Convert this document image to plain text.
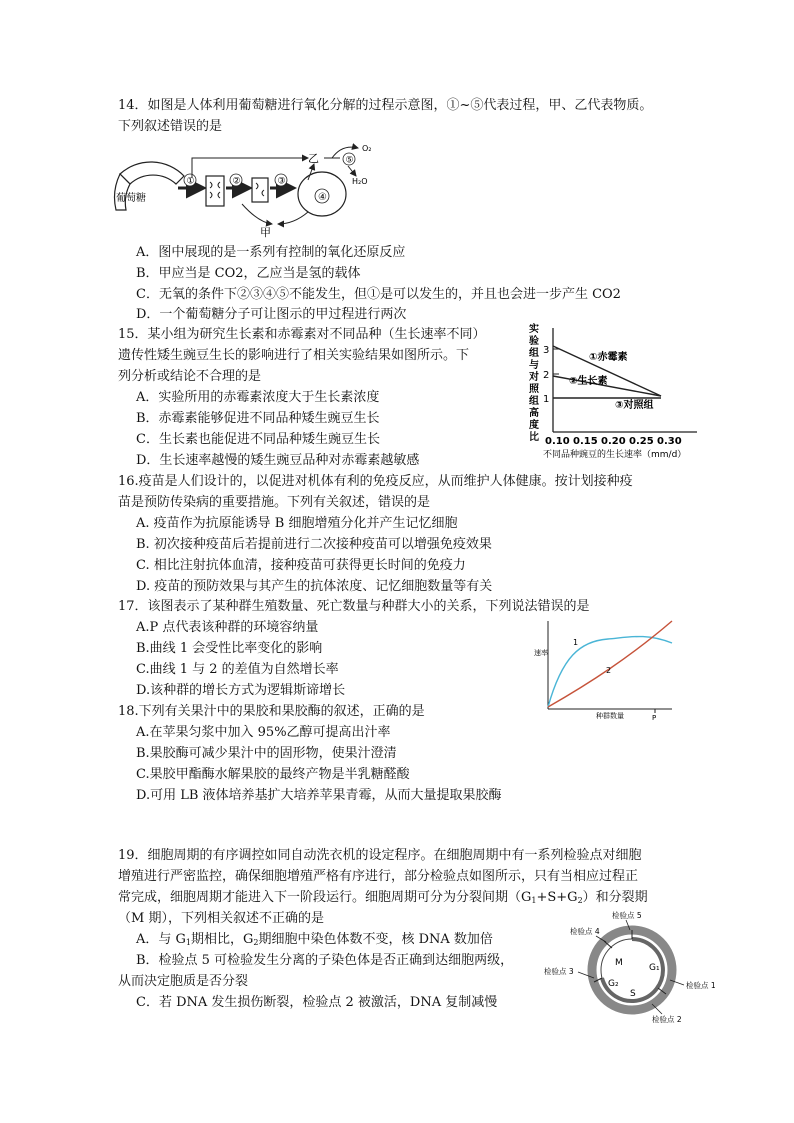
14．如图是人体利用葡萄糖进行氧化分解的过程示意图，①~⑤代表过程，甲、乙代表物质。
下列叙述错误的是
葡萄糖
①	②	③
④
乙	⑤
O₂
H₂O
甲
A．图中展现的是一系列有控制的氧化还原反应
B．甲应当是 CO2，乙应当是氢的载体
C．无氧的条件下②③④⑤不能发生，但①是可以发生的，并且也会进一步产生 CO2
D．一个葡萄糖分子可让图示的甲过程进行两次
15．某小组为研究生长素和赤霉素对不同品种（生长速率不同）
遗传性矮生豌豆生长的影响进行了相关实验结果如图所示。下
列分析或结论不合理的是
A．实验所用的赤霉素浓度大于生长素浓度
B．赤霉素能够促进不同品种矮生豌豆生长
C．生长素也能促进不同品种矮生豌豆生长
D．生长速率越慢的矮生豌豆品种对赤霉素越敏感
实
验
组
与
对
照
组
高
度
比
3
2
1
①赤霉素
②生长素
③对照组
0.10 0.15 0.20 0.25 0.30
不同品种豌豆的生长速率（mm/d）
16.疫苗是人们设计的，以促进对机体有利的免疫反应，从而维护人体健康。按计划接种疫
苗是预防传染病的重要措施。下列有关叙述，错误的是
A. 疫苗作为抗原能诱导 B 细胞增殖分化并产生记忆细胞
B. 初次接种疫苗后若提前进行二次接种疫苗可以增强免疫效果
C. 相比注射抗体血清，接种疫苗可获得更长时间的免疫力
D. 疫苗的预防效果与其产生的抗体浓度、记忆细胞数量等有关
17．该图表示了某种群生殖数量、死亡数量与种群大小的关系，下列说法错误的是
A.P 点代表该种群的环境容纳量
B.曲线 1 会受性比率变化的影响
C.曲线 1 与 2 的差值为自然增长率
D.该种群的增长方式为逻辑斯谛增长
速率
1
2
种群数量	P
18.下列有关果汁中的果胶和果胶酶的叙述，正确的是
A.在苹果匀浆中加入 95%乙醇可提高出汁率
B.果胶酶可减少果汁中的固形物，使果汁澄清
C.果胶甲酯酶水解果胶的最终产物是半乳糖醛酸
D.可用 LB 液体培养基扩大培养苹果青霉，从而大量提取果胶酶
19．细胞周期的有序调控如同自动洗衣机的设定程序。在细胞周期中有一系列检验点对细胞
增殖进行严密监控，确保细胞增殖严格有序进行，部分检验点如图所示，只有当相应过程正
常完成，细胞周期才能进入下一阶段运行。细胞周期可分为分裂间期$(G_1+S+G_2)$和分裂期
（M 期），下列相关叙述不正确的是
A．与 $G_1$期相比，$G_2$期细胞中染色体数不变，核 DNA 数加倍
B．检验点 5 可检验发生分离的子染色体是否正确到达细胞两级，
从而决定胞质是否分裂
C．若 DNA 发生损伤断裂，检验点 2 被激活，DNA 复制减慢
M	G₁
S
G₂
检验点 5
检验点 4
检验点 3
检验点 1
检验点 2
